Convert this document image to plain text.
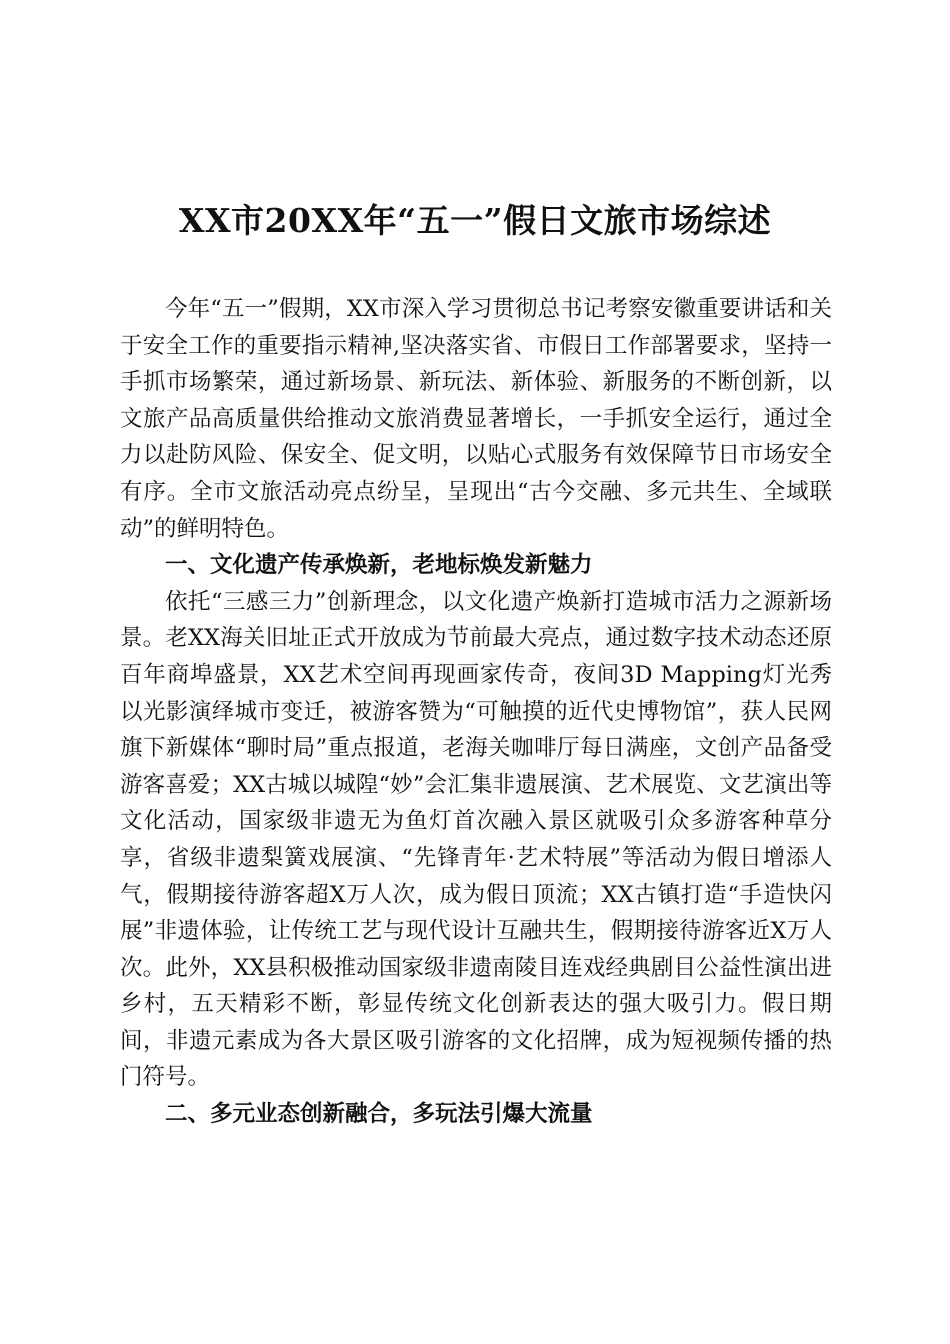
XX市20XX年“五一”假日文旅市场综述

今年“五一”假期，XX市深入学习贯彻总书记考察安徽重要讲话和关于安全工作的重要指示精神,坚决落实省、市假日工作部署要求，坚持一手抓市场繁荣，通过新场景、新玩法、新体验、新服务的不断创新，以文旅产品高质量供给推动文旅消费显著增长，一手抓安全运行，通过全力以赴防风险、保安全、促文明，以贴心式服务有效保障节日市场安全有序。全市文旅活动亮点纷呈，呈现出“古今交融、多元共生、全域联动”的鲜明特色。

一、文化遗产传承焕新，老地标焕发新魅力

依托“三感三力”创新理念，以文化遗产焕新打造城市活力之源新场景。老XX海关旧址正式开放成为节前最大亮点，通过数字技术动态还原百年商埠盛景，XX艺术空间再现画家传奇，夜间3D Mapping灯光秀以光影演绎城市变迁，被游客赞为“可触摸的近代史博物馆”，获人民网旗下新媒体“聊时局”重点报道，老海关咖啡厅每日满座，文创产品备受游客喜爱；XX古城以城隍“妙”会汇集非遗展演、艺术展览、文艺演出等文化活动，国家级非遗无为鱼灯首次融入景区就吸引众多游客种草分享，省级非遗梨簧戏展演、“先锋青年·艺术特展”等活动为假日增添人气，假期接待游客超X万人次，成为假日顶流；XX古镇打造“手造快闪展”非遗体验，让传统工艺与现代设计互融共生，假期接待游客近X万人次。此外，XX县积极推动国家级非遗南陵目连戏经典剧目公益性演出进乡村，五天精彩不断，彰显传统文化创新表达的强大吸引力。假日期间，非遗元素成为各大景区吸引游客的文化招牌，成为短视频传播的热门符号。

二、多元业态创新融合，多玩法引爆大流量
